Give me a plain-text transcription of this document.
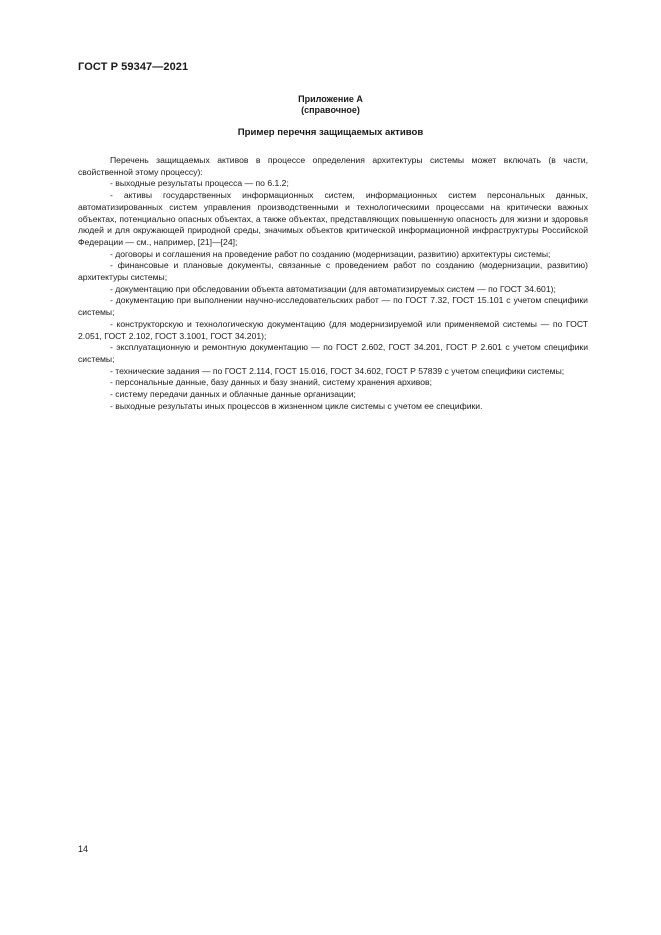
ГОСТ Р 59347—2021
Приложение А
(справочное)
Пример перечня защищаемых активов

Перечень защищаемых активов в процессе определения архитектуры системы может включать (в части, свойственной этому процессу):

- выходные результаты процесса — по 6.1.2;

- активы государственных информационных систем, информационных систем персональных данных, автоматизированных систем управления производственными и технологическими процессами на критически важных объектах, потенциально опасных объектах, а также объектах, представляющих повышенную опасность для жизни и здоровья людей и для окружающей природной среды, значимых объектов критической информационной инфраструктуры Российской Федерации — см., например, [21]—[24];

- договоры и соглашения на проведение работ по созданию (модернизации, развитию) архитектуры системы;

- финансовые и плановые документы, связанные с проведением работ по созданию (модернизации, развитию) архитектуры системы;

- документацию при обследовании объекта автоматизации (для автоматизируемых систем — по ГОСТ 34.601);

- документацию при выполнении научно-исследовательских работ — по ГОСТ 7.32, ГОСТ 15.101 с учетом специфики системы;

- конструкторскую и технологическую документацию (для модернизируемой или применяемой системы — по ГОСТ 2.051, ГОСТ 2.102, ГОСТ 3.1001, ГОСТ 34.201);

- эксплуатационную и ремонтную документацию — по ГОСТ 2.602, ГОСТ 34.201, ГОСТ Р 2.601 с учетом специфики системы;

- технические задания — по ГОСТ 2.114, ГОСТ 15.016, ГОСТ 34.602, ГОСТ Р 57839 с учетом специфики системы;

- персональные данные, базу данных и базу знаний, систему хранения архивов;

- систему передачи данных и облачные данные организации;

- выходные результаты иных процессов в жизненном цикле системы с учетом ее специфики.

14
